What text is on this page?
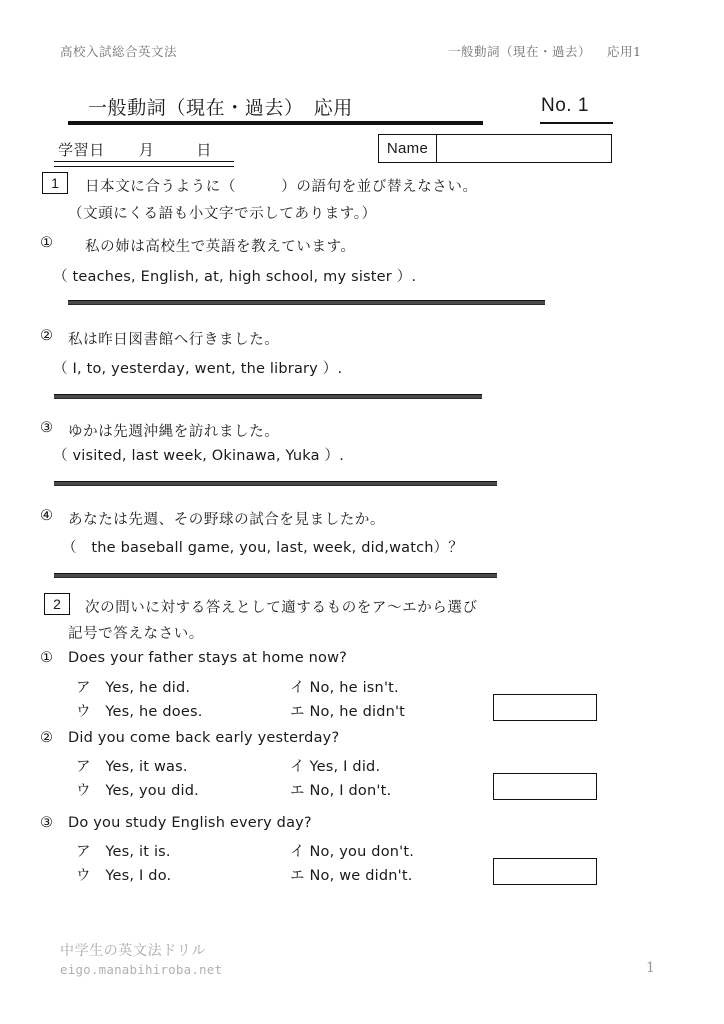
高校入試総合英文法	一般動詞（現在・過去） 応用1
一般動詞（現在・過去）　応用	No. 1
学習日 月	日	Name
1	日本文に合うように（　　　）の語句を並び替えなさい。
（文頭にくる語も小文字で示してあります。）
① 私の姉は高校生で英語を教えています。
（ teaches, English, at, high school, my sister ）.
② 私は昨日図書館へ行きました。
（ I, to, yesterday, went, the library ）.
③ ゆかは先週沖縄を訪れました。
（ visited, last week, Okinawa, Yuka ）.
④ あなたは先週、その野球の試合を見ましたか。
（　the baseball game, you, last, week, did,watch）？
2	次の問いに対する答えとして適するものをア～エから選び
記号で答えなさい。
① Does your father stays at home now?
ア　Yes, he did.	イ No, he isn't.
ウ　Yes, he does.	エ No, he didn't
② Did you come back early yesterday?
ア　Yes, it was.	イ Yes, I did.
ウ　Yes, you did.	エ No, I don't.
③ Do you study English every day?
ア　Yes, it is.	イ No, you don't.
ウ　Yes, I do.	エ No, we didn't.
中学生の英文法ドリル
eigo.manabihiroba.net	1
